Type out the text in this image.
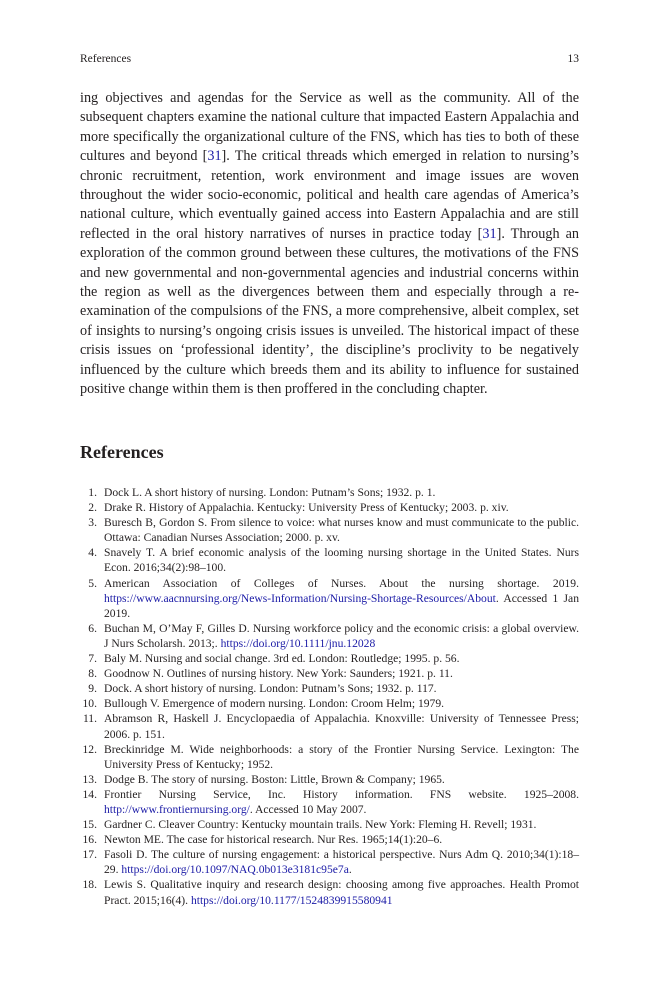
References	13

ing objectives and agendas for the Service as well as the community. All of the subsequent chapters examine the national culture that impacted Eastern Appalachia and more specifically the organizational culture of the FNS, which has ties to both of these cultures and beyond [31]. The critical threads which emerged in relation to nursing’s chronic recruitment, retention, work environment and image issues are woven throughout the wider socio-economic, political and health care agendas of America’s national culture, which eventually gained access into Eastern Appalachia and are still reflected in the oral history narratives of nurses in practice today [31]. Through an exploration of the common ground between these cultures, the motivations of the FNS and new governmental and non-governmental agencies and industrial concerns within the region as well as the divergences between them and especially through a re-examination of the compulsions of the FNS, a more comprehensive, albeit complex, set of insights to nursing’s ongoing crisis issues is unveiled. The historical impact of these crisis issues on ‘professional identity’, the discipline’s proclivity to be negatively influenced by the culture which breeds them and its ability to influence for sustained positive change within them is then proffered in the concluding chapter.

References
1. Dock L. A short history of nursing. London: Putnam’s Sons; 1932. p. 1.
2. Drake R. History of Appalachia. Kentucky: University Press of Kentucky; 2003. p. xiv.
3. Buresch B, Gordon S. From silence to voice: what nurses know and must communicate to the public. Ottawa: Canadian Nurses Association; 2000. p. xv.
4. Snavely T. A brief economic analysis of the looming nursing shortage in the United States. Nurs Econ. 2016;34(2):98–100.
5. American Association of Colleges of Nurses. About the nursing shortage. 2019. https://www.aacnnursing.org/News-Information/Nursing-Shortage-Resources/About. Accessed 1 Jan 2019.
6. Buchan M, O’May F, Gilles D. Nursing workforce policy and the economic crisis: a global overview. J Nurs Scholarsh. 2013;. https://doi.org/10.1111/jnu.12028
7. Baly M. Nursing and social change. 3rd ed. London: Routledge; 1995. p. 56.
8. Goodnow N. Outlines of nursing history. New York: Saunders; 1921. p. 11.
9. Dock. A short history of nursing. London: Putnam’s Sons; 1932. p. 117.
10. Bullough V. Emergence of modern nursing. London: Croom Helm; 1979.
11. Abramson R, Haskell J. Encyclopaedia of Appalachia. Knoxville: University of Tennessee Press; 2006. p. 151.
12. Breckinridge M. Wide neighborhoods: a story of the Frontier Nursing Service. Lexington: The University Press of Kentucky; 1952.
13. Dodge B. The story of nursing. Boston: Little, Brown & Company; 1965.
14. Frontier Nursing Service, Inc. History information. FNS website. 1925–2008. http://www.frontiernursing.org/. Accessed 10 May 2007.
15. Gardner C. Cleaver Country: Kentucky mountain trails. New York: Fleming H. Revell; 1931.
16. Newton ME. The case for historical research. Nur Res. 1965;14(1):20–6.
17. Fasoli D. The culture of nursing engagement: a historical perspective. Nurs Adm Q. 2010;34(1):18–29. https://doi.org/10.1097/NAQ.0b013e3181c95e7a.
18. Lewis S. Qualitative inquiry and research design: choosing among five approaches. Health Promot Pract. 2015;16(4). https://doi.org/10.1177/1524839915580941
